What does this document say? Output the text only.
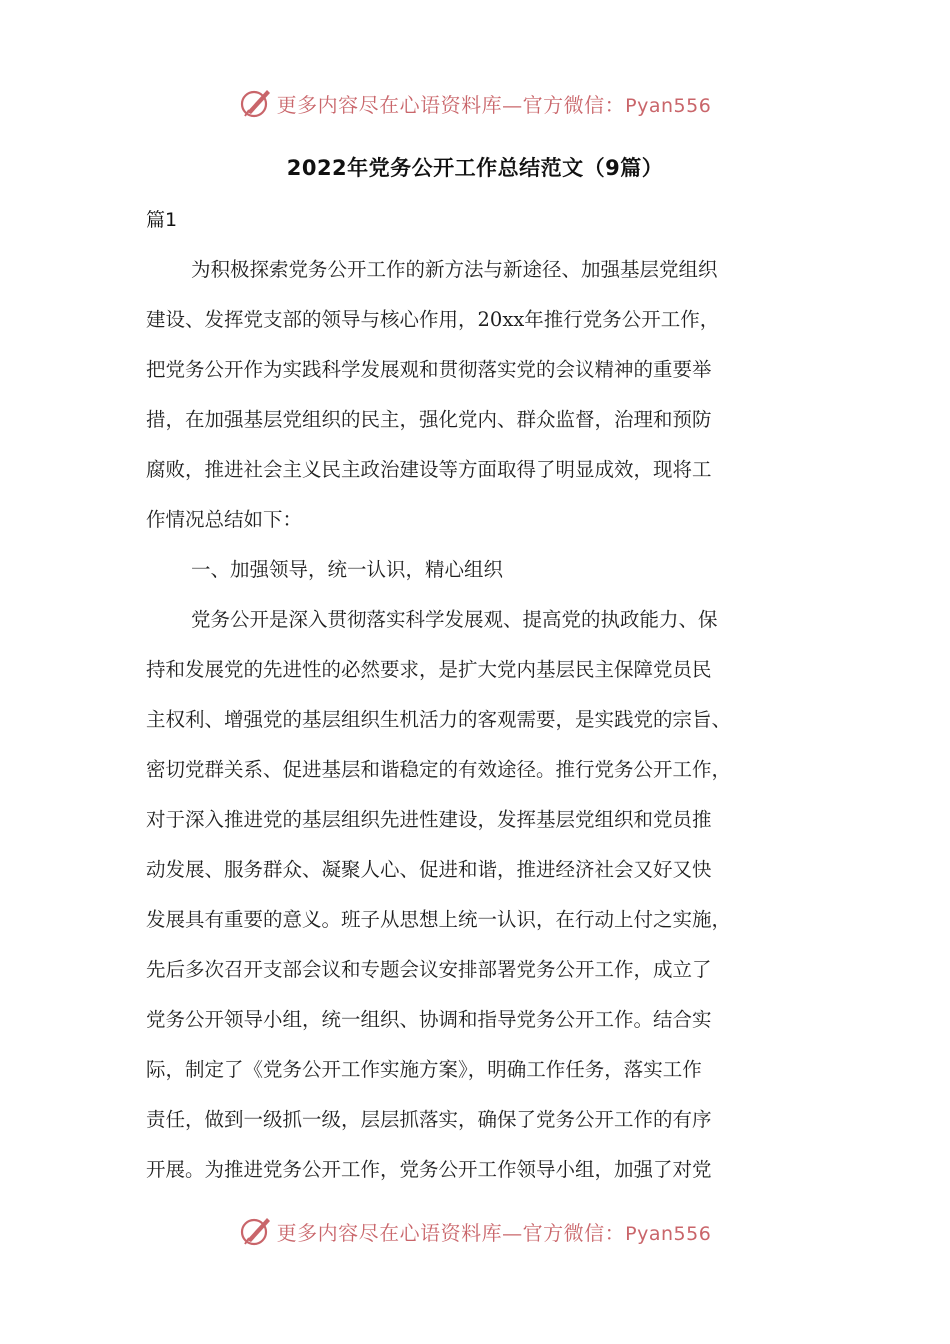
更多内容尽在心语资料库—官方微信：Pyan556
2022年党务公开工作总结范文（9篇）
篇1
为积极探索党务公开工作的新方法与新途径、加强基层党组织
建设、发挥党支部的领导与核心作用，20xx年推行党务公开工作，
把党务公开作为实践科学发展观和贯彻落实党的会议精神的重要举
措，在加强基层党组织的民主，强化党内、群众监督，治理和预防
腐败，推进社会主义民主政治建设等方面取得了明显成效，现将工
作情况总结如下：
一、加强领导，统一认识，精心组织
党务公开是深入贯彻落实科学发展观、提高党的执政能力、保
持和发展党的先进性的必然要求，是扩大党内基层民主保障党员民
主权利、增强党的基层组织生机活力的客观需要，是实践党的宗旨、
密切党群关系、促进基层和谐稳定的有效途径。推行党务公开工作，
对于深入推进党的基层组织先进性建设，发挥基层党组织和党员推
动发展、服务群众、凝聚人心、促进和谐，推进经济社会又好又快
发展具有重要的意义。班子从思想上统一认识，在行动上付之实施，
先后多次召开支部会议和专题会议安排部署党务公开工作，成立了
党务公开领导小组，统一组织、协调和指导党务公开工作。结合实
际，制定了《党务公开工作实施方案》，明确工作任务，落实工作
责任，做到一级抓一级，层层抓落实，确保了党务公开工作的有序
开展。为推进党务公开工作，党务公开工作领导小组，加强了对党
更多内容尽在心语资料库—官方微信：Pyan556
